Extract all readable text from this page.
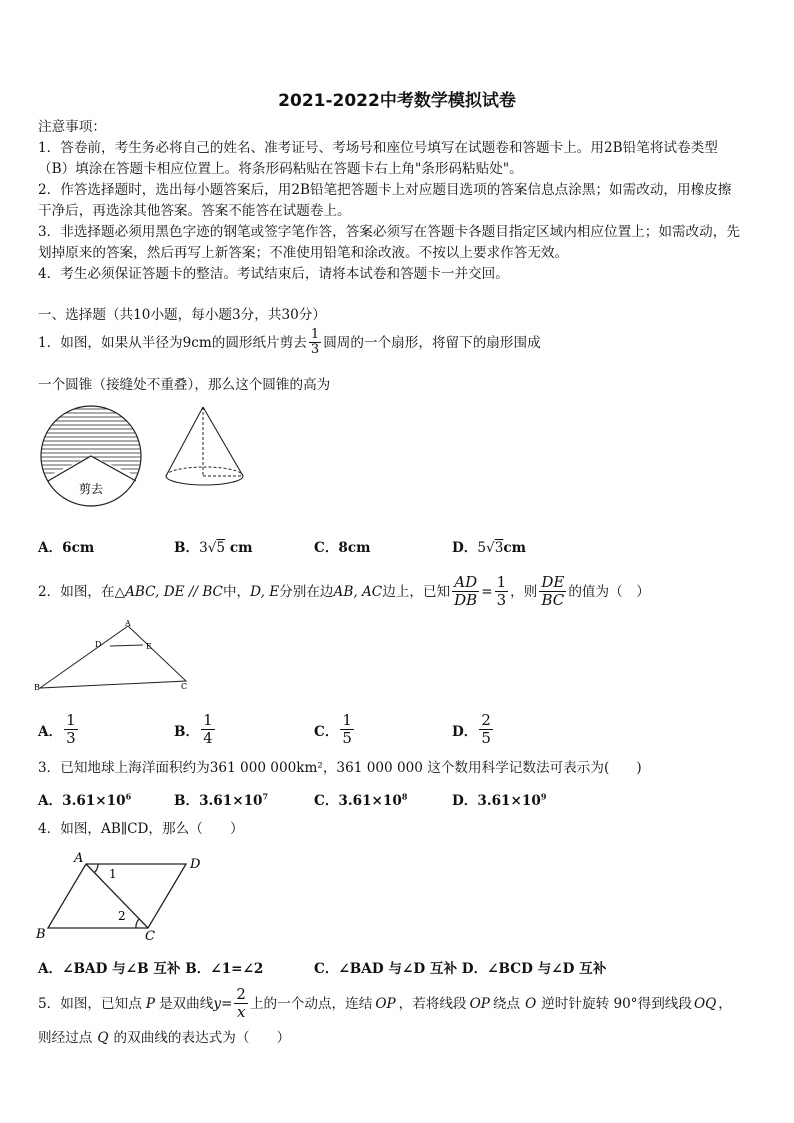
2021-2022中考数学模拟试卷
注意事项：
1．答卷前，考生务必将自己的姓名、准考证号、考场号和座位号填写在试题卷和答题卡上。用2B铅笔将试卷类型
（B）填涂在答题卡相应位置上。将条形码粘贴在答题卡右上角"条形码粘贴处"。
2．作答选择题时，选出每小题答案后，用2B铅笔把答题卡上对应题目选项的答案信息点涂黑；如需改动，用橡皮擦
干净后，再选涂其他答案。答案不能答在试题卷上。
3．非选择题必须用黑色字迹的钢笔或签字笔作答，答案必须写在答题卡各题目指定区域内相应位置上；如需改动，先
划掉原来的答案，然后再写上新答案；不准使用铅笔和涂改液。不按以上要求作答无效。
4．考生必须保证答题卡的整洁。考试结束后，请将本试卷和答题卡一并交回。
一、选择题（共10小题，每小题3分，共30分）
1．如图，如果从半径为9cm的圆形纸片剪去 $\frac{1}{3}$ 圆周的一个扇形，将留下的扇形围成
一个圆锥（接缝处不重叠），那么这个圆锥的高为
剪去
A．6cm	B．3√5 cm	C．8cm	D．5√3cm
2．如图，在 △ABC, DE // BC 中， D, E 分别在边 AB, AC 边上，已知 $\frac{AD}{DB} = \frac{1}{3}$ ，则 $\frac{DE}{BC}$ 的值为（　）
A
B	C
D	E
A． $\frac{1}{3}$	B． $\frac{1}{4}$	C． $\frac{1}{5}$	D． $\frac{2}{5}$
3．已知地球上海洋面积约为361 000 000km²，361 000 000 这个数用科学记数法可表示为(　　)
A．$3.61\times 10^6$	B．$3.61\times 10^7$	C．$3.61\times 10^8$	D．$3.61\times 10^9$
4．如图，AB∥CD，那么（　　）
A	D
B	C
1
2
A．∠BAD 与∠B 互补 B．∠1=∠2	C．∠BAD 与∠D 互补 D．∠BCD 与∠D 互补
5．如图，已知点 P 是双曲线 $y= \frac{2}{x}$ 上的一个动点，连结 OP ，若将线段 OP 绕点 O 逆时针旋转 90°得到线段 OQ ，
则经过点 Q 的双曲线的表达式为（　　）
